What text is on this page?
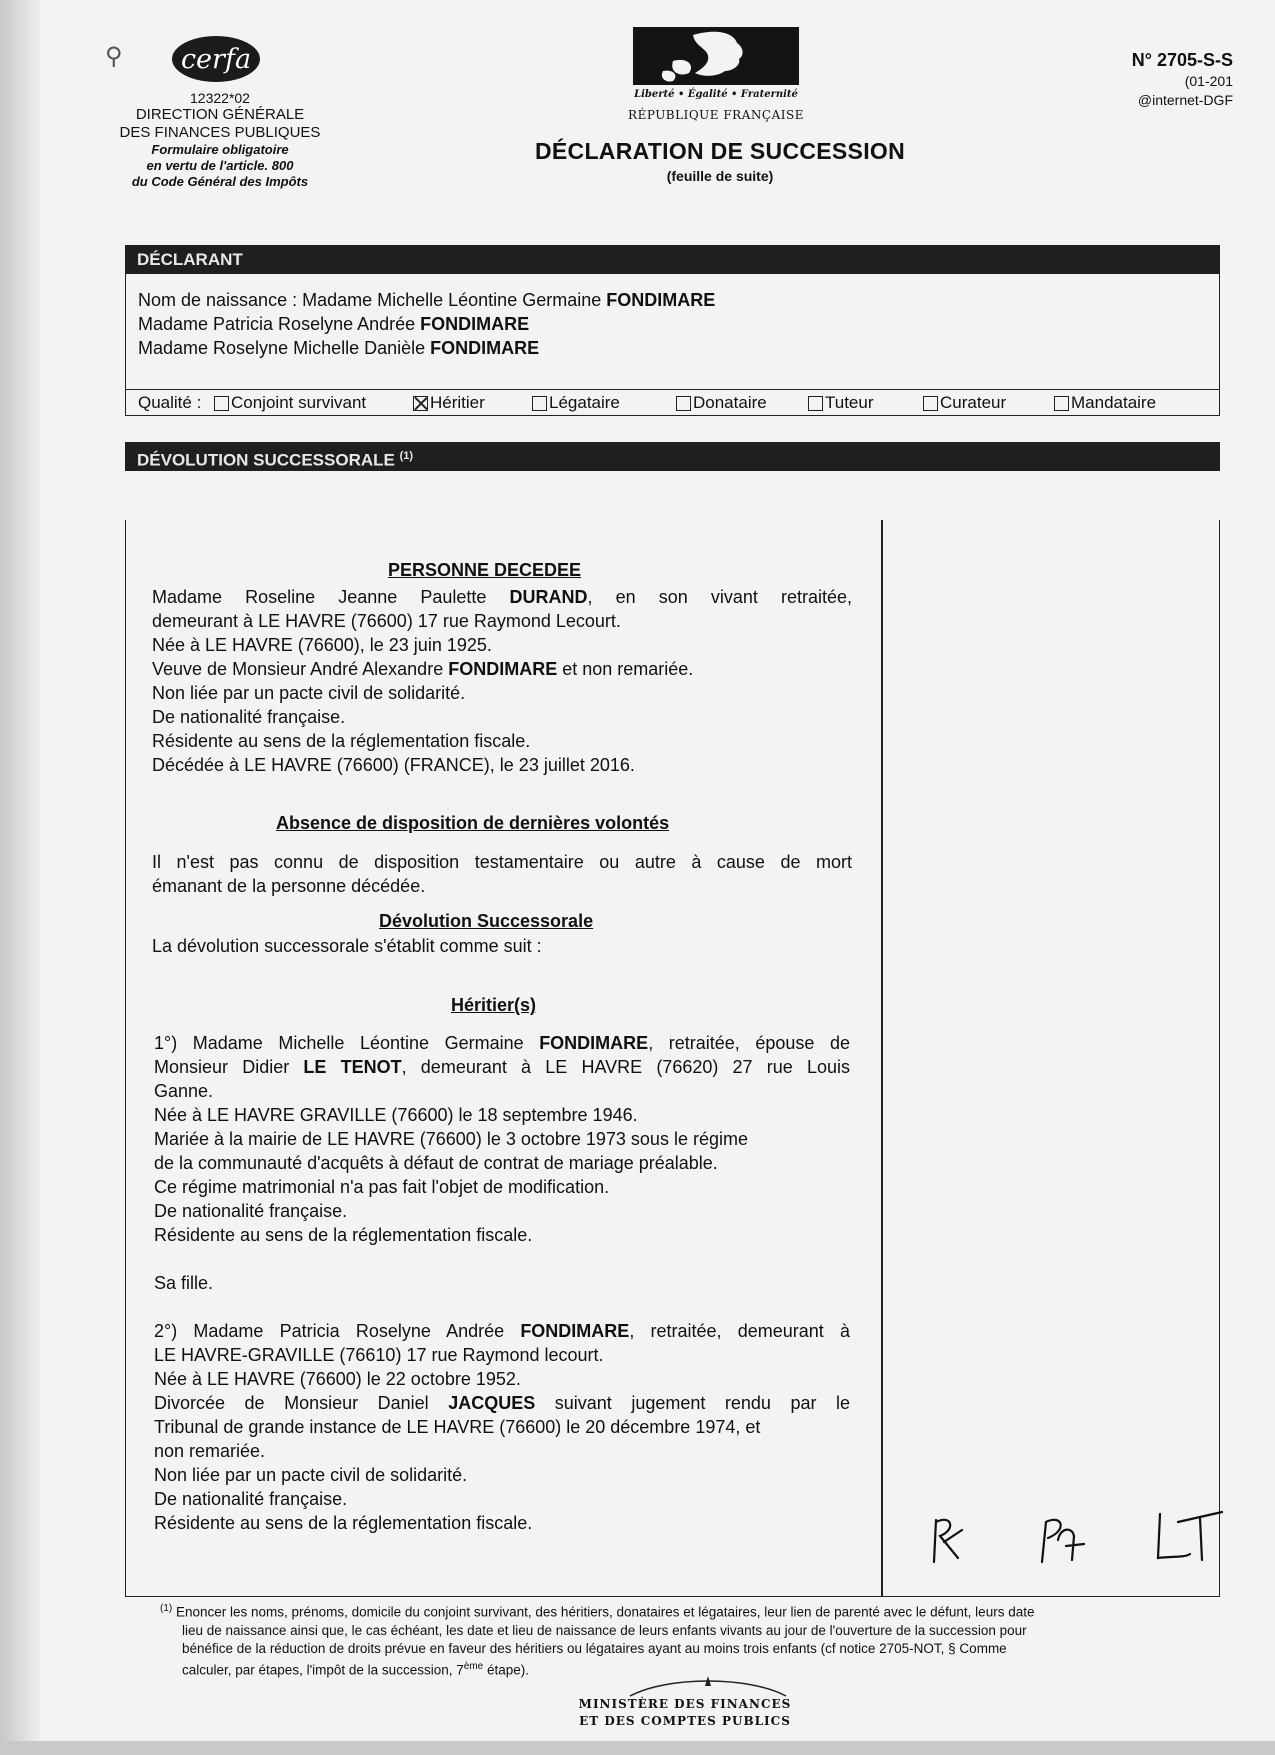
⚲	cerfa
12322*02
DIRECTION GÉNÉRALE
DES FINANCES PUBLIQUES
Formulaire obligatoire
en vertu de l'article. 800
du Code Général des Impôts
Liberté • Égalité • Fraternité
RÉPUBLIQUE FRANÇAISE
DÉCLARATION DE SUCCESSION
(feuille de suite)
N° 2705-S-S
(01-201
@internet-DGF
DÉCLARANT
Nom de naissance : Madame Michelle Léontine Germaine FONDIMARE
Madame Patricia Roselyne Andrée FONDIMARE
Madame Roselyne Michelle Danièle FONDIMARE
Qualité : Conjoint survivant	Héritier	Légataire	Donataire	Tuteur	Curateur	Mandataire
DÉVOLUTION SUCCESSORALE $^{(1)}$
PERSONNE DECEDEE
Madame Roseline Jeanne Paulette DURAND, en son vivant retraitée,
demeurant à LE HAVRE (76600) 17 rue Raymond Lecourt.
Née à LE HAVRE (76600), le 23 juin 1925.
Veuve de Monsieur André Alexandre FONDIMARE et non remariée.
Non liée par un pacte civil de solidarité.
De nationalité française.
Résidente au sens de la réglementation fiscale.
Décédée à LE HAVRE (76600) (FRANCE), le 23 juillet 2016.
Absence de disposition de dernières volontés
Il n'est pas connu de disposition testamentaire ou autre à cause de mort
émanant de la personne décédée.
Dévolution Successorale
La dévolution successorale s'établit comme suit :
Héritier(s)
1°) Madame Michelle Léontine Germaine FONDIMARE, retraitée, épouse de
Monsieur Didier LE TENOT, demeurant à LE HAVRE (76620) 27 rue Louis
Ganne.
Née à LE HAVRE GRAVILLE (76600) le 18 septembre 1946.
Mariée à la mairie de LE HAVRE (76600) le 3 octobre 1973 sous le régime
de la communauté d'acquêts à défaut de contrat de mariage préalable.
Ce régime matrimonial n'a pas fait l'objet de modification.
De nationalité française.
Résidente au sens de la réglementation fiscale.
Sa fille.
2°) Madame Patricia Roselyne Andrée FONDIMARE, retraitée, demeurant à
LE HAVRE-GRAVILLE (76610) 17 rue Raymond lecourt.
Née à LE HAVRE (76600) le 22 octobre 1952.
Divorcée de Monsieur Daniel JACQUES suivant jugement rendu par le
Tribunal de grande instance de LE HAVRE (76600) le 20 décembre 1974, et
non remariée.
Non liée par un pacte civil de solidarité.
De nationalité française.
Résidente au sens de la réglementation fiscale.
$^{(1)}$ Enoncer les noms, prénoms, domicile du conjoint survivant, des héritiers, donataires et légataires, leur lien de parenté avec le défunt, leurs date
lieu de naissance ainsi que, le cas échéant, les date et lieu de naissance de leurs enfants vivants au jour de l'ouverture de la succession pour
bénéfice de la réduction de droits prévue en faveur des héritiers ou légataires ayant au moins trois enfants (cf notice 2705-NOT, § Comme
calculer, par étapes, l'impôt de la succession, 7ème étape).
MINISTÈRE DES FINANCES
ET DES COMPTES PUBLICS
